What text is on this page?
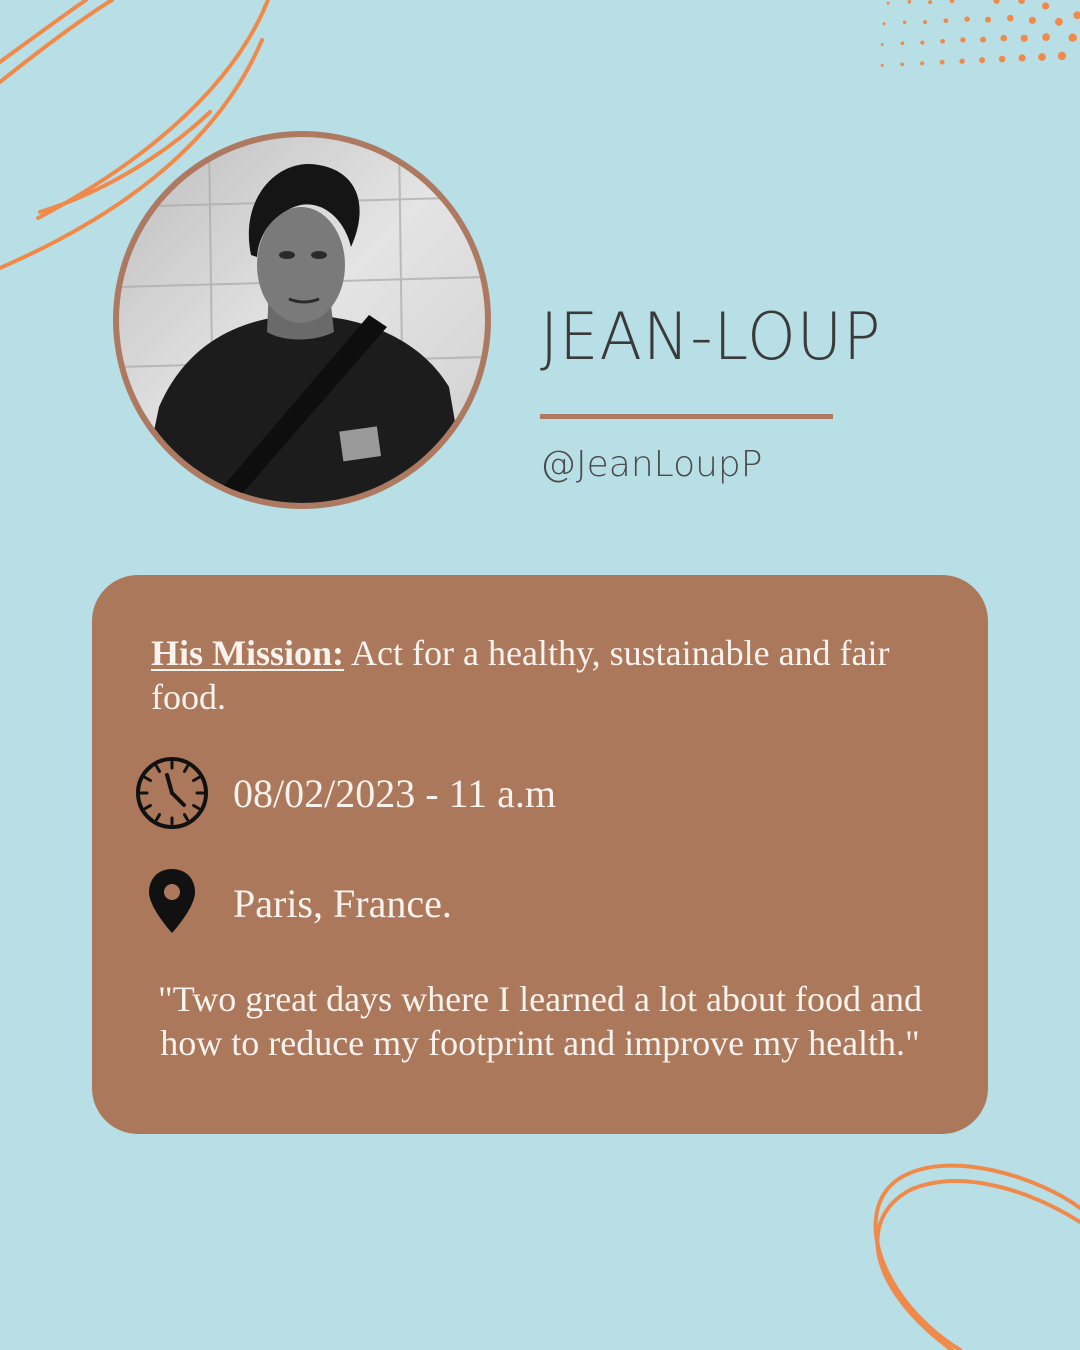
JEAN-LOUP
@JeanLoupP
His Mission: Act for a healthy, sustainable and fair food.
08/02/2023 - 11 a.m
Paris, France.
"Two great days where I learned a lot about food and how to reduce my footprint and improve my health."
